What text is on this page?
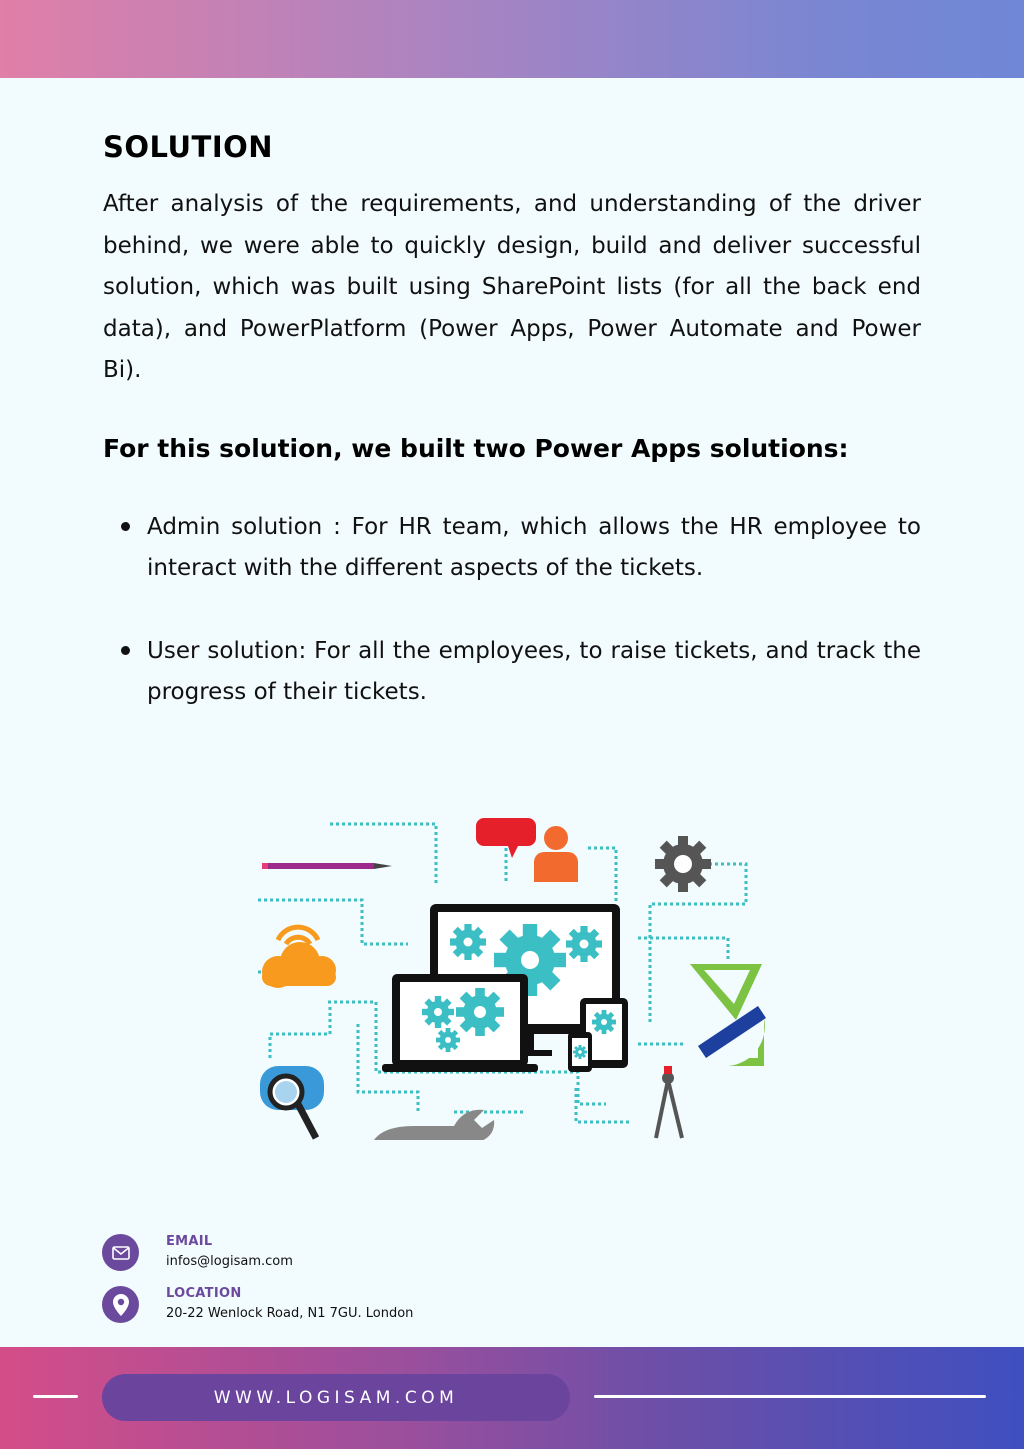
SOLUTION

After analysis of the requirements, and understanding of the driver behind, we were able to quickly design, build and deliver successful solution, which was built using SharePoint lists (for all the back end data), and PowerPlatform (Power Apps, Power Automate and Power Bi).

For this solution, we built two Power Apps solutions:
Admin solution : For HR team, which allows the HR employee to interact with the different aspects of the tickets.
User solution: For all the employees, to raise tickets, and track the progress of their tickets.
EMAIL
infos@logisam.com
LOCATION
20-22 Wenlock Road, N1 7GU. London
WWW.LOGISAM.COM
